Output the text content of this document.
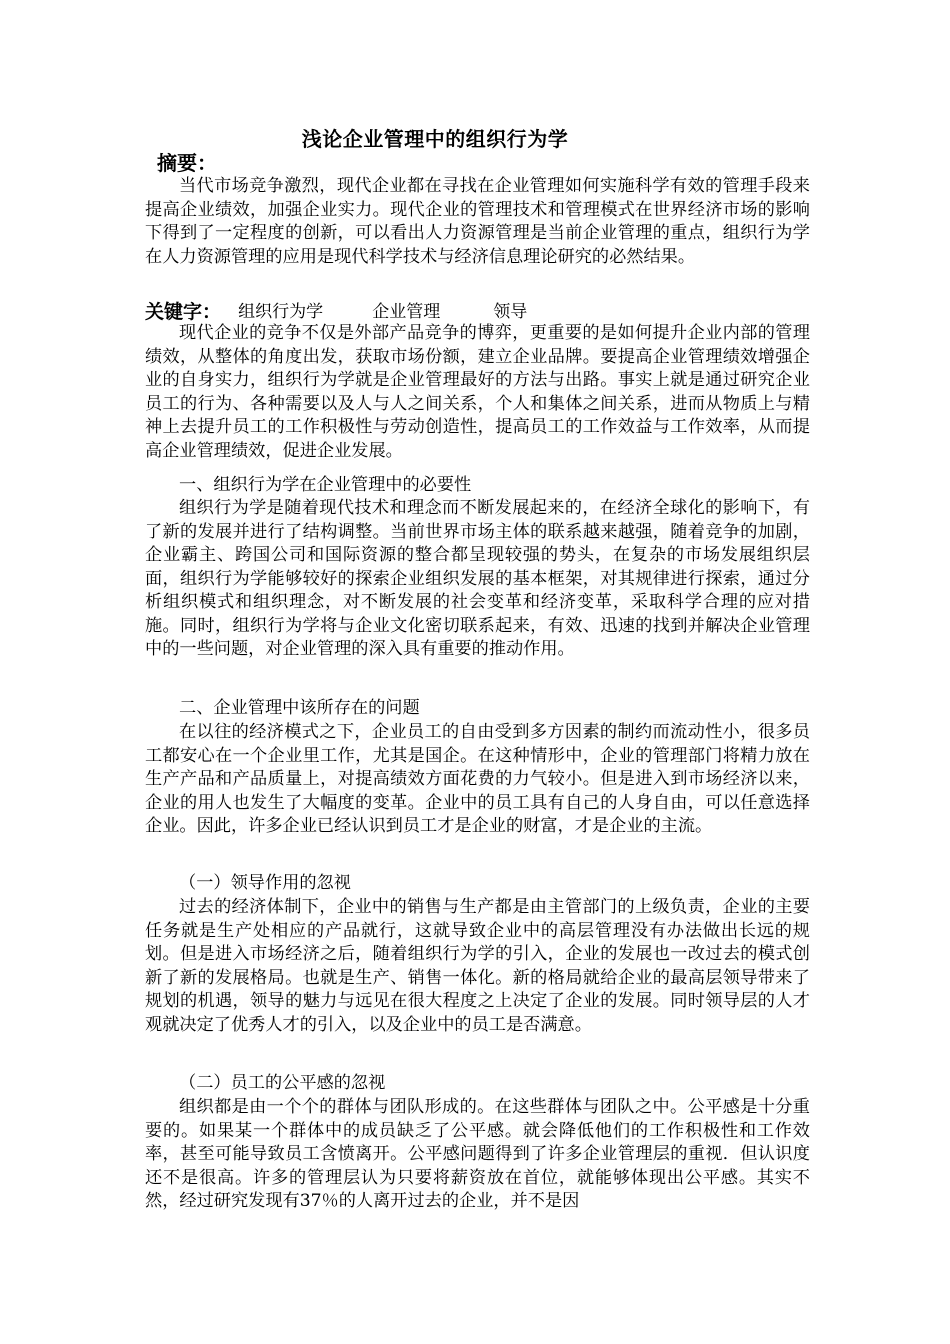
浅论企业管理中的组织行为学
摘要：

当代市场竞争激烈，现代企业都在寻找在企业管理如何实施科学有效的管理手段来提高企业绩效，加强企业实力。现代企业的管理技术和管理模式在世界经济市场的影响下得到了一定程度的创新，可以看出人力资源管理是当前企业管理的重点，组织行为学在人力资源管理的应用是现代科学技术与经济信息理论研究的必然结果。

关键字： 组织行为学	企业管理	领导

现代企业的竞争不仅是外部产品竞争的博弈，更重要的是如何提升企业内部的管理绩效，从整体的角度出发，获取市场份额，建立企业品牌。要提高企业管理绩效增强企业的自身实力，组织行为学就是企业管理最好的方法与出路。事实上就是通过研究企业员工的行为、各种需要以及人与人之间关系，个人和集体之间关系，进而从物质上与精神上去提升员工的工作积极性与劳动创造性，提高员工的工作效益与工作效率，从而提高企业管理绩效，促进企业发展。

一、组织行为学在企业管理中的必要性

组织行为学是随着现代技术和理念而不断发展起来的，在经济全球化的影响下，有了新的发展并进行了结构调整。当前世界市场主体的联系越来越强，随着竞争的加剧，企业霸主、跨国公司和国际资源的整合都呈现较强的势头，在复杂的市场发展组织层面，组织行为学能够较好的探索企业组织发展的基本框架，对其规律进行探索，通过分析组织模式和组织理念，对不断发展的社会变革和经济变革，采取科学合理的应对措施。同时，组织行为学将与企业文化密切联系起来，有效、迅速的找到并解决企业管理中的一些问题，对企业管理的深入具有重要的推动作用。

二、企业管理中该所存在的问题

在以往的经济模式之下，企业员工的自由受到多方因素的制约而流动性小，很多员工都安心在一个企业里工作，尤其是国企。在这种情形中，企业的管理部门将精力放在生产产品和产品质量上，对提高绩效方面花费的力气较小。但是进入到市场经济以来，企业的用人也发生了大幅度的变革。企业中的员工具有自己的人身自由，可以任意选择企业。因此，许多企业已经认识到员工才是企业的财富，才是企业的主流。

（一）领导作用的忽视

过去的经济体制下，企业中的销售与生产都是由主管部门的上级负责，企业的主要任务就是生产处相应的产品就行，这就导致企业中的高层管理没有办法做出长远的规划。但是进入市场经济之后，随着组织行为学的引入，企业的发展也一改过去的模式创新了新的发展格局。也就是生产、销售一体化。新的格局就给企业的最高层领导带来了规划的机遇，领导的魅力与远见在很大程度之上决定了企业的发展。同时领导层的人才观就决定了优秀人才的引入，以及企业中的员工是否满意。

（二）员工的公平感的忽视

组织都是由一个个的群体与团队形成的。在这些群体与团队之中。公平感是十分重要的。如果某一个群体中的成员缺乏了公平感。就会降低他们的工作积极性和工作效率，甚至可能导致员工含愤离开。公平感问题得到了许多企业管理层的重视．但认识度还不是很高。许多的管理层认为只要将薪资放在首位，就能够体现出公平感。其实不然，经过研究发现有37％的人离开过去的企业，并不是因
